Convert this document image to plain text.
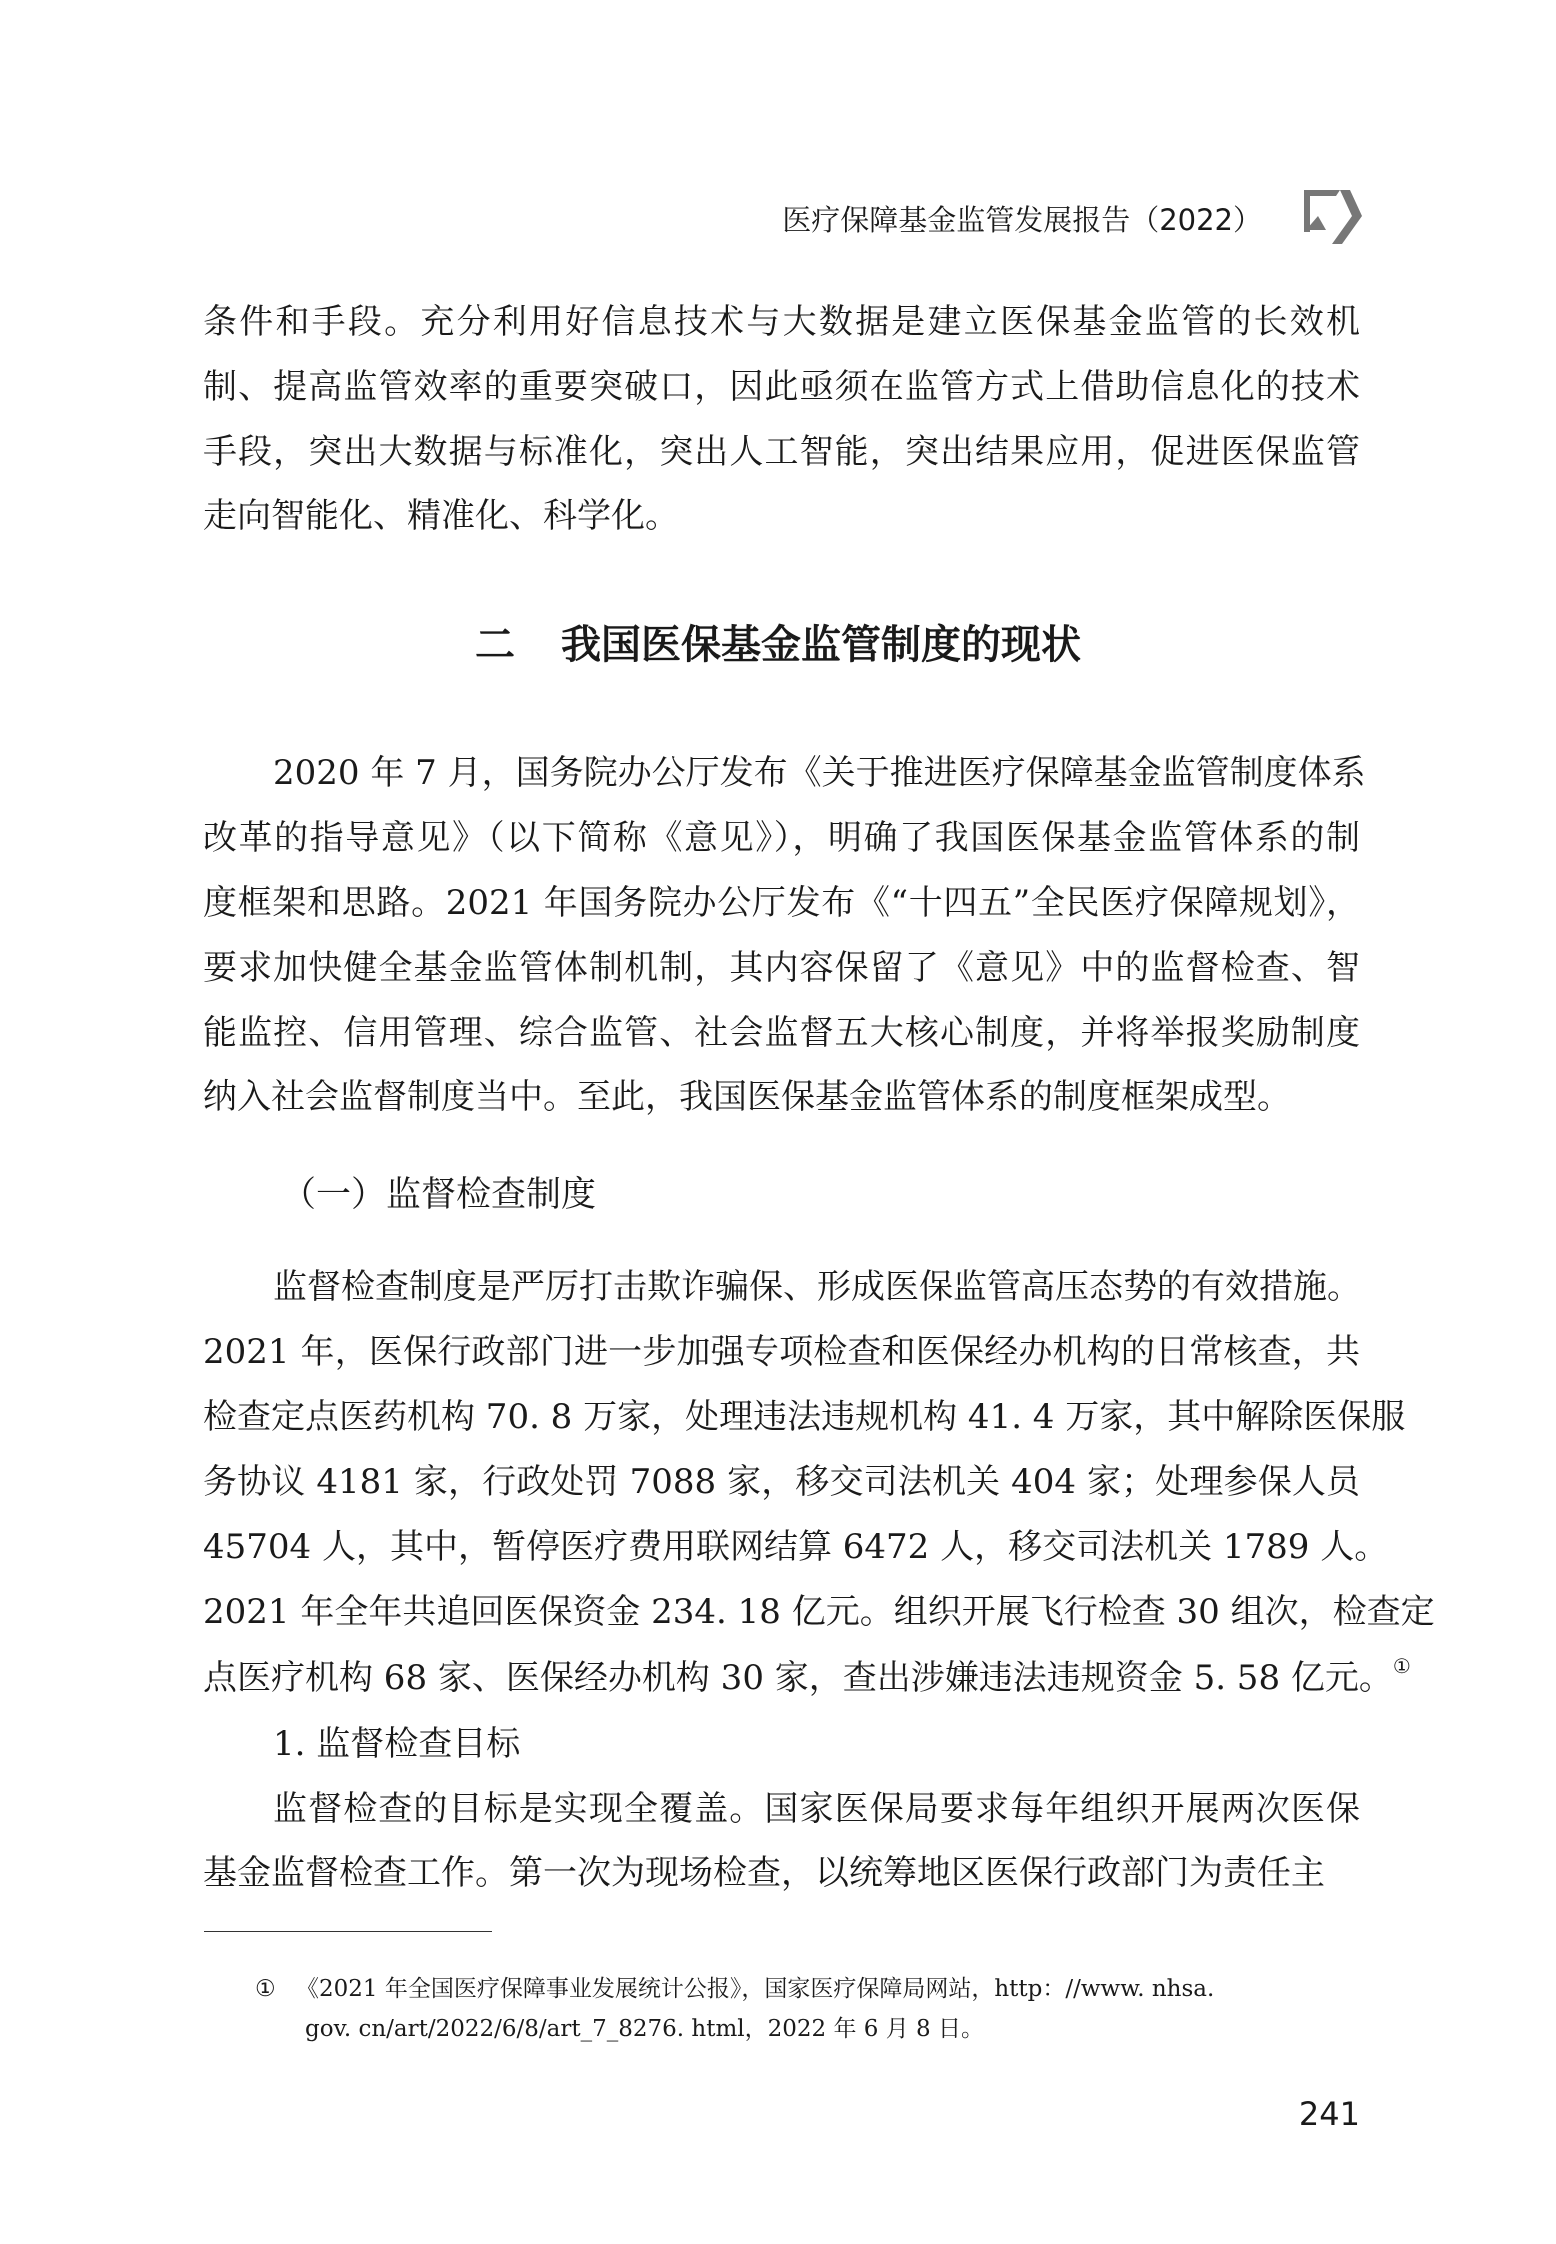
医疗保障基金监管发展报告（2022）
条件和手段。充分利用好信息技术与大数据是建立医保基金监管的长效机
制、提高监管效率的重要突破口，因此亟须在监管方式上借助信息化的技术
手段，突出大数据与标准化，突出人工智能，突出结果应用，促进医保监管
走向智能化、精准化、科学化。
2020 年 7 月，国务院办公厅发布《关于推进医疗保障基金监管制度体系
改革的指导意见》（以下简称《意见》），明确了我国医保基金监管体系的制
度框架和思路。2021 年国务院办公厅发布《“十四五”全民医疗保障规划》，
要求加快健全基金监管体制机制，其内容保留了《意见》中的监督检查、智
能监控、信用管理、综合监管、社会监督五大核心制度，并将举报奖励制度
纳入社会监督制度当中。至此，我国医保基金监管体系的制度框架成型。
监督检查制度是严厉打击欺诈骗保、形成医保监管高压态势的有效措施。
2021 年，医保行政部门进一步加强专项检查和医保经办机构的日常核查，共
检查定点医药机构 70. 8 万家，处理违法违规机构 41. 4 万家，其中解除医保服
务协议 4181 家，行政处罚 7088 家，移交司法机关 404 家；处理参保人员
45704 人，其中，暂停医疗费用联网结算 6472 人，移交司法机关 1789 人。
2021 年全年共追回医保资金 234. 18 亿元。组织开展飞行检查 30 组次，检查定
点医疗机构 68 家、医保经办机构 30 家，查出涉嫌违法违规资金 5. 58 亿元。①
1. 监督检查目标
监督检查的目标是实现全覆盖。国家医保局要求每年组织开展两次医保
基金监督检查工作。第一次为现场检查，以统筹地区医保行政部门为责任主
二 我国医保基金监管制度的现状
（一）监督检查制度
① 《2021 年全国医疗保障事业发展统计公报》，国家医疗保障局网站，http：//www. nhsa.
gov. cn/art/2022/6/8/art_7_8276. html，2022 年 6 月 8 日。
241
